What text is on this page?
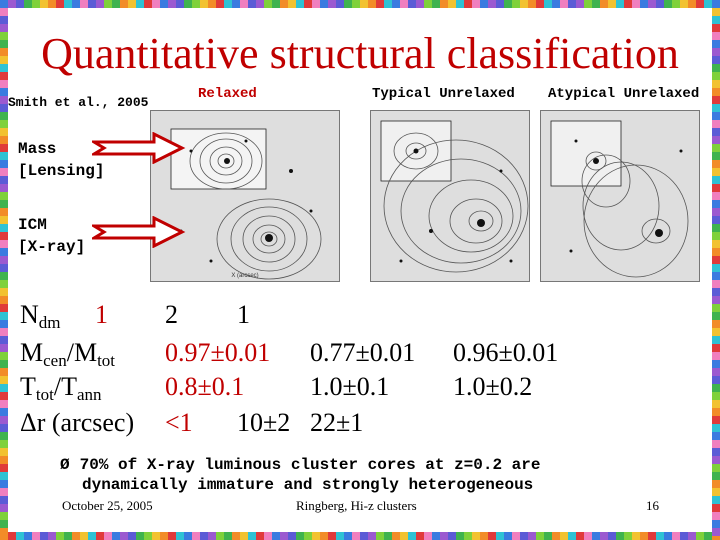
Quantitative structural classification
Smith et al., 2005
Relaxed	Typical Unrelaxed Atypical Unrelaxed
Mass
[Lensing]
ICM
[X-ray]
X (arcsec)
$N_{dm}$ 1 2 1
$M_{cen}/M_{tot}$ 0.97±0.01 0.77±0.01 0.96±0.01
$T_{tot}/T_{ann}$ 0.8±0.1	1.0±0.1 1.0±0.2
Δr (arcsec) <1 10±2 22±1
Ø 70% of X-ray luminous cluster cores at z=0.2 are
dynamically immature and strongly heterogeneous
October 25, 2005	Ringberg, Hi-z clusters	16
